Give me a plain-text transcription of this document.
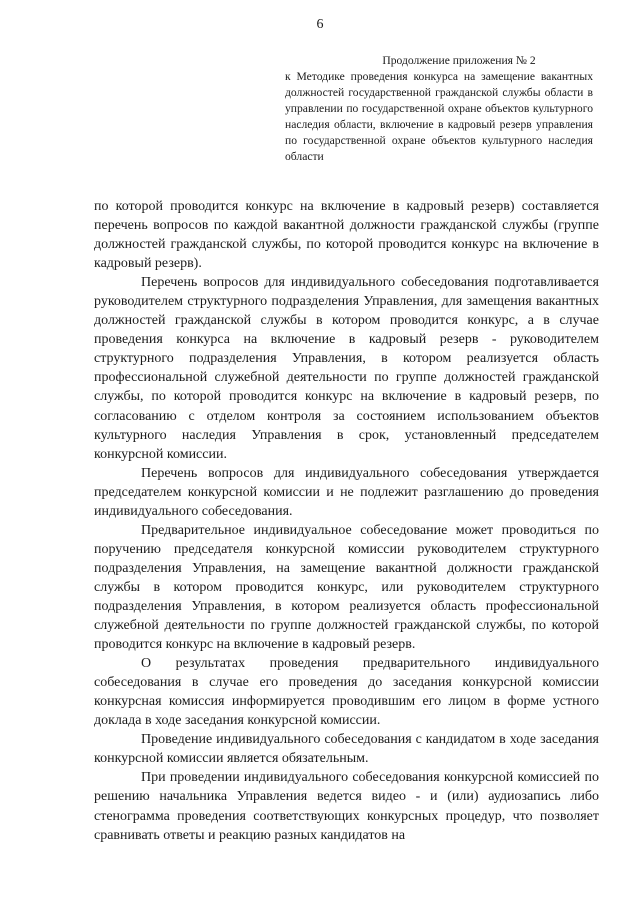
6

Продолжение приложения № 2

к Методике проведения конкурса на замещение вакантных должностей государственной гражданской службы области в управлении по государственной охране объектов культурного наследия области, включение в кадровый резерв управления по государственной охране объектов культурного наследия области

по которой проводится конкурс на включение в кадровый резерв) составляется перечень вопросов по каждой вакантной должности гражданской службы (группе должностей гражданской службы, по которой проводится конкурс на включение в кадровый резерв).

Перечень вопросов для индивидуального собеседования подготавливается руководителем структурного подразделения Управления, для замещения вакантных должностей гражданской службы в котором проводится конкурс, а в случае проведения конкурса на включение в кадровый резерв - руководителем структурного подразделения Управления, в котором реализуется область профессиональной служебной деятельности по группе должностей гражданской службы, по которой проводится конкурс на включение в кадровый резерв, по согласованию с отделом контроля за состоянием использованием объектов культурного наследия Управления в срок, установленный председателем конкурсной комиссии.

Перечень вопросов для индивидуального собеседования утверждается председателем конкурсной комиссии и не подлежит разглашению до проведения индивидуального собеседования.

Предварительное индивидуальное собеседование может проводиться по поручению председателя конкурсной комиссии руководителем структурного подразделения Управления, на замещение вакантной должности гражданской службы в котором проводится конкурс, или руководителем структурного подразделения Управления, в котором реализуется область профессиональной служебной деятельности по группе должностей гражданской службы, по которой проводится конкурс на включение в кадровый резерв.

О результатах проведения предварительного индивидуального собеседования в случае его проведения до заседания конкурсной комиссии конкурсная комиссия информируется проводившим его лицом в форме устного доклада в ходе заседания конкурсной комиссии.

Проведение индивидуального собеседования с кандидатом в ходе заседания конкурсной комиссии является обязательным.

При проведении индивидуального собеседования конкурсной комиссией по решению начальника Управления ведется видео - и (или) аудиозапись либо стенограмма проведения соответствующих конкурсных процедур, что позволяет сравнивать ответы и реакцию разных кандидатов на
